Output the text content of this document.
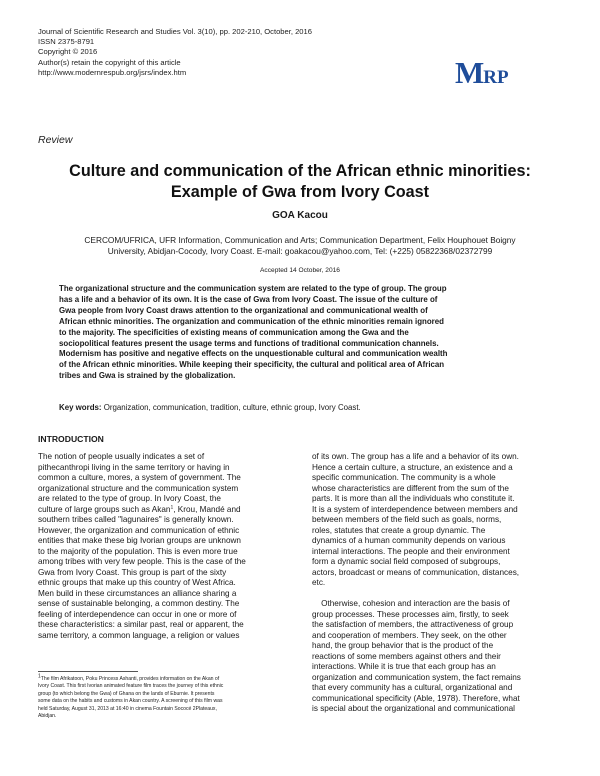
Journal of Scientific Research and Studies Vol. 3(10), pp. 202-210, October, 2016
ISSN 2375-8791
Copyright © 2016
Author(s) retain the copyright of this article
http://www.modernrespub.org/jsrs/index.htm	MRP
Review
Culture and communication of the African ethnic minorities:
Example of Gwa from Ivory Coast
GOA Kacou
CERCOM/UFRICA, UFR Information, Communication and Arts; Communication Department, Felix Houphouet Boigny
University, Abidjan-Cocody, Ivory Coast. E-mail: goakacou@yahoo.com, Tel: (+225) 05822368/02372799
Accepted 14 October, 2016
The organizational structure and the communication system are related to the type of group. The group
has a life and a behavior of its own. It is the case of Gwa from Ivory Coast. The issue of the culture of
Gwa people from Ivory Coast draws attention to the organizational and communicational wealth of
African ethnic minorities. The organization and communication of the ethnic minorities remain ignored
to the majority. The specificities of existing means of communication among the Gwa and the
sociopolitical features present the usage terms and functions of traditional communication channels.
Modernism has positive and negative effects on the unquestionable cultural and communication wealth
of the African ethnic minorities. While keeping their specificity, the cultural and political area of African
tribes and Gwa is strained by the globalization.
Key words: Organization, communication, tradition, culture, ethnic group, Ivory Coast.
INTRODUCTION
The notion of people usually indicates a set of
pithecanthropi living in the same territory or having in
common a culture, mores, a system of government. The
organizational structure and the communication system
are related to the type of group. In Ivory Coast, the
culture of large groups such as Akan$^1$, Krou, Mandé and
southern tribes called "lagunaires" is generally known.
However, the organization and communication of ethnic
entities that make these big Ivorian groups are unknown
to the majority of the population. This is even more true
among tribes with very few people. This is the case of the
Gwa from Ivory Coast. This group is part of the sixty
ethnic groups that make up this country of West Africa.
Men build in these circumstances an alliance sharing a
sense of sustainable belonging, a common destiny. The
feeling of interdependence can occur in one or more of
these characteristics: a similar past, real or apparent, the
same territory, a common language, a religion or values
of its own. The group has a life and a behavior of its own.
Hence a certain culture, a structure, an existence and a
specific communication. The community is a whole
whose characteristics are different from the sum of the
parts. It is more than all the individuals who constitute it.
It is a system of interdependence between members and
between members of the field such as goals, norms,
roles, statutes that create a group dynamic. The
dynamics of a human community depends on various
internal interactions. The people and their environment
form a dynamic social field composed of subgroups,
actors, broadcast or means of communication, distances,
etc.
Otherwise, cohesion and interaction are the basis of
group processes. These processes aim, firstly, to seek
the satisfaction of members, the attractiveness of group
and cooperation of members. They seek, on the other
hand, the group behavior that is the product of the
reactions of some members against others and their
interactions. While it is true that each group has an
organization and communication system, the fact remains
that every community has a cultural, organizational and
communicational specificity (Able, 1978). Therefore, what
is special about the organizational and communicational
$^1$The film Afrikatoon, Poku Princess Ashanti, provides information on the Akan of
Ivory Coast. This first Ivorian animated feature film traces the journey of this ethnic
group (to which belong the Gwa) of Ghana on the lands of Eburnie. It presents
some data on the habits and customs in Akan country. A screening of this film was
held Saturday, August 31, 2013 at 16:40 in cinema Fountain Sococé 2Plateaux,
Abidjan.
